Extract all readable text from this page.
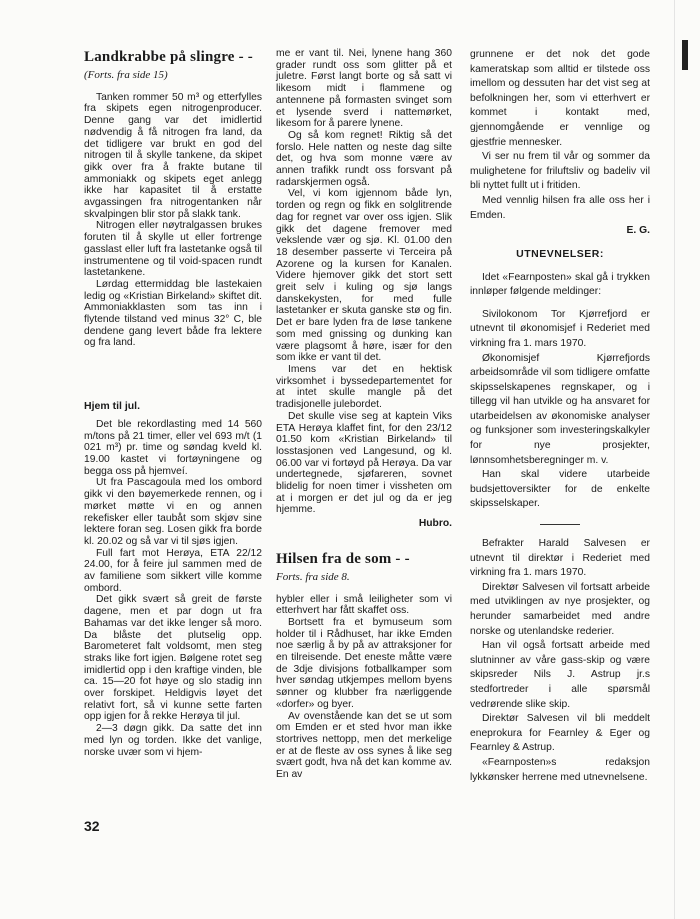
Landkrabbe på slingre - -
(Forts. fra side 15)

Tanken rommer 50 m³ og etterfylles fra skipets egen nitrogenproducer. Denne gang var det imidlertid nødvendig å få nitrogen fra land, da det tidligere var brukt en god del nitrogen til å skylle tankene, da skipet gikk over fra å frakte butane til ammoniakk og skipets eget anlegg ikke har kapasitet til å erstatte avgassingen fra nitrogentanken når skvalpingen blir stor på slakk tank.

Nitrogen eller nøytralgassen brukes foruten til å skylle ut eller fortrenge gasslast eller luft fra lastetanke også til instrumentene og til void-spacen rundt lastetankene.

Lørdag ettermiddag ble lastekaien ledig og «Kristian Birkeland» skiftet dit. Ammoniakklasten som tas inn i flytende tilstand ved minus 32° C, ble dendene gang levert både fra lektere og fra land.

Hjem til jul.

Det ble rekordlasting med 14 560 m/tons på 21 timer, eller vel 693 m/t (1 021 m³) pr. time og søndag kveld kl. 19.00 kastet vi fortøyningene og begga oss på hjemveí.

Ut fra Pascagoula med los ombord gikk vi den bøyemerkede rennen, og i mørket møtte vi en og annen rekefisker eller taubåt som skjøv sine lektere foran seg. Losen gikk fra borde kl. 20.02 og så var vi til sjøs igjen.

Full fart mot Herøya, ETA 22/12 24.00, for å feire jul sammen med de av familiene som sikkert ville komme ombord.

Det gikk svært så greit de første dagene, men et par dogn ut fra Bahamas var det ikke lenger så moro. Da blåste det plutselig opp. Barometeret falt voldsomt, men steg straks like fort igjen. Bølgene rotet seg imidlertid opp i den kraftige vinden, ble ca. 15—20 fot høye og slo stadig inn over forskipet. Heldigvis løyet det relativt fort, så vi kunne sette farten opp igjen for å rekke Herøya til jul.

2—3 døgn gikk. Da satte det inn med lyn og torden. Ikke det vanlige, norske uvær som vi hjem-

32

me er vant til. Nei, lynene hang 360 grader rundt oss som glitter på et juletre. Først langt borte og så satt vi likesom midt i flammene og antennene på formasten svinget som et lysende sverd i nattemørket, likesom for å parere lynene.

Og så kom regnet! Riktig så det forslo. Hele natten og neste dag silte det, og hva som monne være av annen trafikk rundt oss forsvant på radarskjermen også.

Vel, vi kom igjennom både lyn, torden og regn og fikk en solglitrende dag for regnet var over oss igjen. Slik gikk det dagene fremover med vekslende vær og sjø. Kl. 01.00 den 18 desember passerte vi Terceira på Azorene og la kursen for Kanalen. Videre hjemover gikk det stort sett greit selv i kuling og sjø langs danskekysten, for med fulle lastetanker er skuta ganske stø og fin. Det er bare lyden fra de løse tankene som med gnissing og dunking kan være plagsomt å høre, især for den som ikke er vant til det.

Imens var det en hektisk virksomhet i byssedepartementet for at intet skulle mangle på det tradisjonelle julebordet.

Det skulle vise seg at kaptein Viks ETA Herøya klaffet fint, for den 23/12 01.50 kom «Kristian Birkeland» til losstasjonen ved Langesund, og kl. 06.00 var vi fortøyd på Herøya. Da var undertegnede, sjøfareren, sovnet blidelig for noen timer i vissheten om at i morgen er det jul og da er jeg hjemme.

Hubro.
Hilsen fra de som - -
Forts. fra side 8.

hybler eller i små leiligheter som vi etterhvert har fått skaffet oss.

Bortsett fra et bymuseum som holder til i Rådhuset, har ikke Emden noe særlig å by på av attraksjoner for en tilreisende. Det eneste måtte være de 3dje divisjons fotballkamper som hver søndag utkjempes mellom byens sønner og klubber fra nærliggende «dorfer» og byer.

Av ovenstående kan det se ut som om Emden er et sted hvor man ikke stortrives nettopp, men det merkelige er at de fleste av oss synes å like seg svært godt, hva nå det kan komme av. En av

grunnene er det nok det gode kameratskap som alltid er tilstede oss imellom og dessuten har det vist seg at befolkningen her, som vi etterhvert er kommet i kontakt med, gjennomgående er vennlige og gjestfrie mennesker.

Vi ser nu frem til vår og sommer da mulighetene for friluftsliv og badeliv vil bli nyttet fullt ut i fritiden.

Med vennlig hilsen fra alle oss her i Emden.

E. G.
UTNEVNELSER:

Idet «Fearnposten» skal gå i trykken innløper følgende meldinger:

Sivilokonom Tor Kjørrefjord er utnevnt til økonomisjef i Rederiet med virkning fra 1. mars 1970.

Økonomisjef Kjørrefjords arbeidsområde vil som tidligere omfatte skipsselskapenes regnskaper, og i tillegg vil han utvikle og ha ansvaret for utarbeidelsen av økonomiske analyser og funksjoner som investeringskalkyler for nye prosjekter, lønnsomhetsberegninger m. v.

Han skal videre utarbeide budsjettoversikter for de enkelte skipsselskaper.

Befrakter Harald Salvesen er utnevnt til direktør i Rederiet med virkning fra 1. mars 1970.

Direktør Salvesen vil fortsatt arbeide med utviklingen av nye prosjekter, og herunder samarbeidet med andre norske og utenlandske rederier.

Han vil også fortsatt arbeide med slutninner av våre gass-skip og være skipsreder Nils J. Astrup jr.s stedfortreder i alle spørsmål vedrørende slike skip.

Direktør Salvesen vil bli meddelt eneprokura for Fearnley & Eger og Fearnley & Astrup.

«Fearnposten»s redaksjon lykkønsker herrene med utnevnelsene.
